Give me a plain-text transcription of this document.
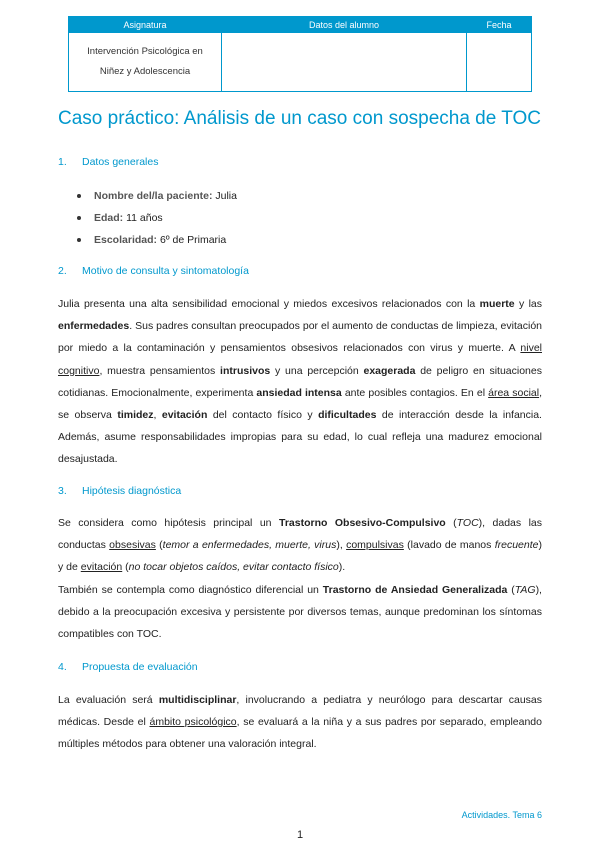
Asignatura	Datos del alumno	Fecha
Intervención Psicológica en
Niñez y Adolescencia		
Caso práctico: Análisis de un caso con sospecha de TOC
1. Datos generales
Nombre del/la paciente: Julia
Edad: 11 años
Escolaridad: 6º de Primaria
2. Motivo de consulta y sintomatología

Julia presenta una alta sensibilidad emocional y miedos excesivos relacionados con la muerte y las enfermedades. Sus padres consultan preocupados por el aumento de conductas de limpieza, evitación por miedo a la contaminación y pensamientos obsesivos relacionados con virus y muerte. A nivel cognitivo, muestra pensamientos intrusivos y una percepción exagerada de peligro en situaciones cotidianas. Emocionalmente, experimenta ansiedad intensa ante posibles contagios. En el área social, se observa timidez, evitación del contacto físico y dificultades de interacción desde la infancia. Además, asume responsabilidades impropias para su edad, lo cual refleja una madurez emocional desajustada.

3. Hipótesis diagnóstica

Se considera como hipótesis principal un Trastorno Obsesivo-Compulsivo (TOC), dadas las conductas obsesivas (temor a enfermedades, muerte, virus), compulsivas (lavado de manos frecuente) y de evitación (no tocar objetos caídos, evitar contacto físico).

También se contempla como diagnóstico diferencial un Trastorno de Ansiedad Generalizada (TAG), debido a la preocupación excesiva y persistente por diversos temas, aunque predominan los síntomas compatibles con TOC.

4. Propuesta de evaluación

La evaluación será multidisciplinar, involucrando a pediatra y neurólogo para descartar causas médicas. Desde el ámbito psicológico, se evaluará a la niña y a sus padres por separado, empleando múltiples métodos para obtener una valoración integral.

Actividades. Tema 6
1
